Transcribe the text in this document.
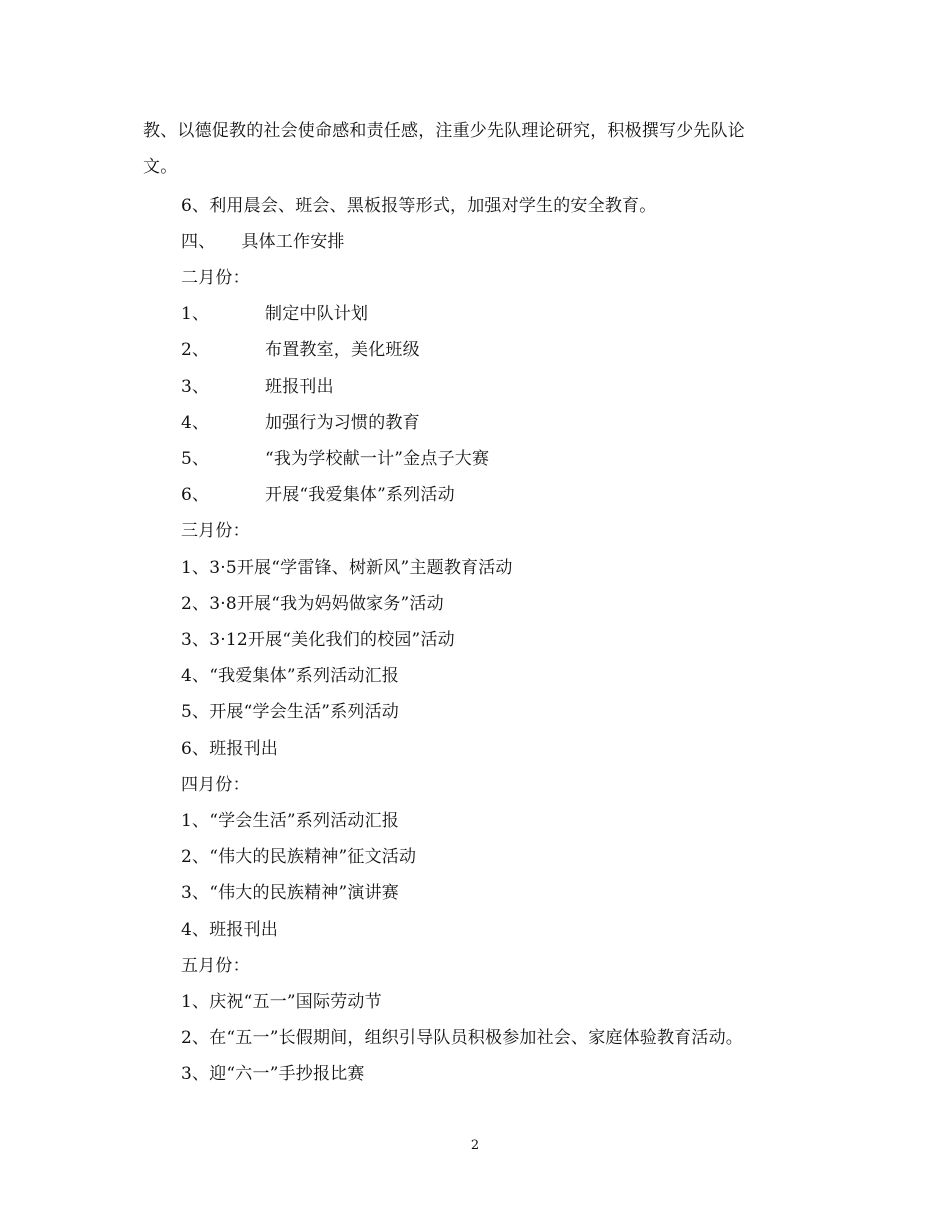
教、以德促教的社会使命感和责任感，注重少先队理论研究，积极撰写少先队论
文。
6、利用晨会、班会、黑板报等形式，加强对学生的安全教育。
四、 具体工作安排
二月份：
1、	制定中队计划
2、	布置教室，美化班级
3、	班报刊出
4、	加强行为习惯的教育
5、	“我为学校献一计”金点子大赛
6、	开展“我爱集体”系列活动
三月份：
1、3·5开展“学雷锋、树新风”主题教育活动
2、3·8开展“我为妈妈做家务”活动
3、3·12开展“美化我们的校园”活动
4、“我爱集体”系列活动汇报
5、开展“学会生活”系列活动
6、班报刊出
四月份：
1、“学会生活”系列活动汇报
2、“伟大的民族精神”征文活动
3、“伟大的民族精神”演讲赛
4、班报刊出
五月份：
1、庆祝“五一”国际劳动节
2、在“五一”长假期间，组织引导队员积极参加社会、家庭体验教育活动。
3、迎“六一”手抄报比赛
2
